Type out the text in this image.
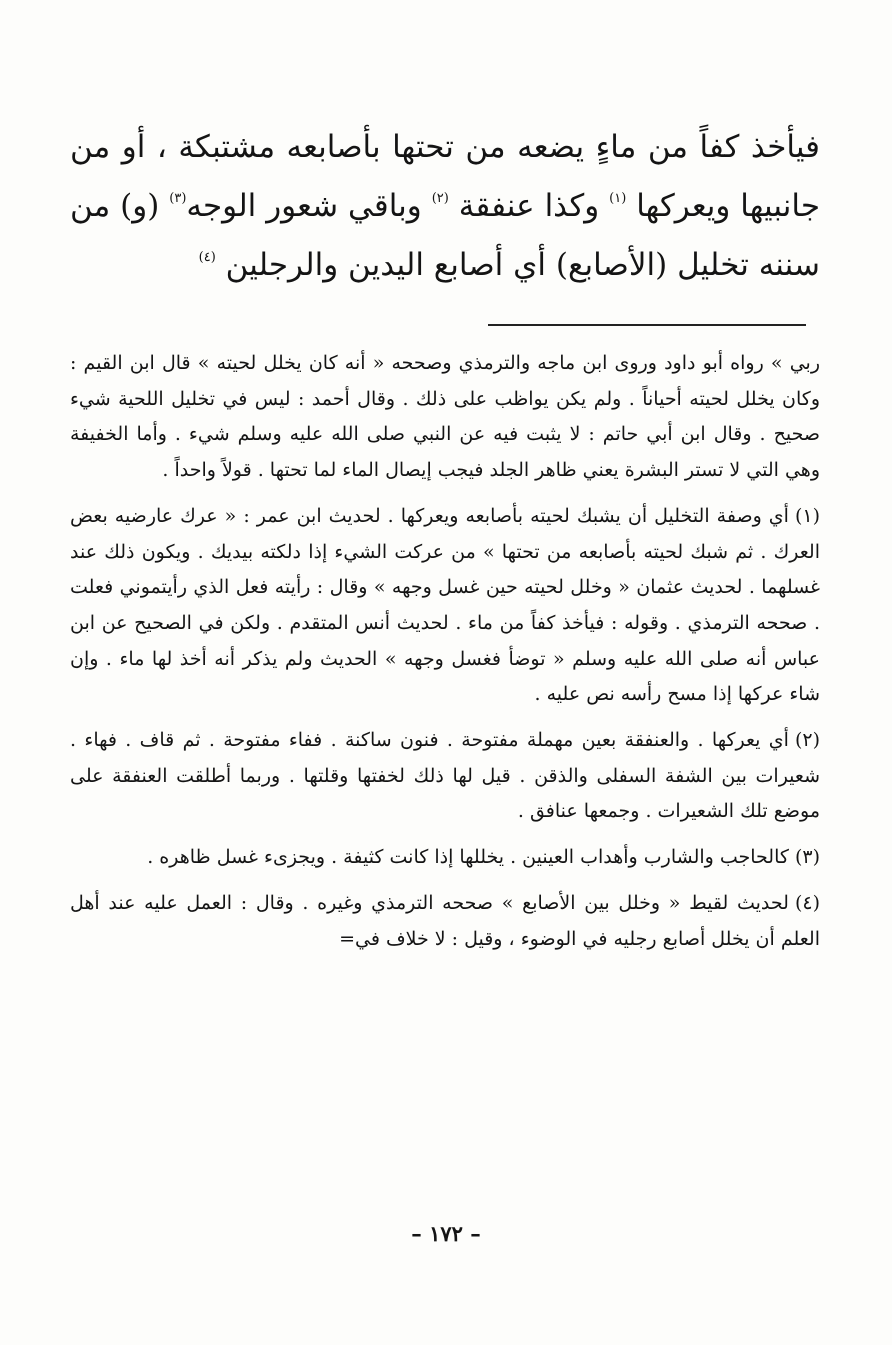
فيأخذ كفاً من ماءٍ يضعه من تحتها بأصابعه مشتبكة ، أو من جانبيها ويعركها $^{(١)}$ وكذا عنفقة $^{(٢)}$ وباقي شعور الوجه$^{(٣)}$ (و) من سننه تخليل (الأصابع) أي أصابع اليدين والرجلين $^{(٤)}$

ربي » رواه أبو داود وروى ابن ماجه والترمذي وصححه « أنه كان يخلل لحيته » قال ابن القيم : وكان يخلل لحيته أحياناً . ولم يكن يواظب على ذلك . وقال أحمد : ليس في تخليل اللحية شيء صحيح . وقال ابن أبي حاتم : لا يثبت فيه عن النبي صلى الله عليه وسلم شيء . وأما الخفيفة وهي التي لا تستر البشرة يعني ظاهر الجلد فيجب إيصال الماء لما تحتها . قولاً واحداً .

(١)أي وصفة التخليل أن يشبك لحيته بأصابعه ويعركها . لحديث ابن عمر : « عرك عارضيه بعض العرك . ثم شبك لحيته بأصابعه من تحتها » من عركت الشيء إذا دلكته بيديك . ويكون ذلك عند غسلهما . لحديث عثمان « وخلل لحيته حين غسل وجهه » وقال : رأيته فعل الذي رأيتموني فعلت . صححه الترمذي . وقوله : فيأخذ كفاً من ماء . لحديث أنس المتقدم . ولكن في الصحيح عن ابن عباس أنه صلى الله عليه وسلم « توضأ فغسل وجهه » الحديث ولم يذكر أنه أخذ لها ماء . وإن شاء عركها إذا مسح رأسه نص عليه .

(٢)أي يعركها . والعنفقة بعين مهملة مفتوحة . فنون ساكنة . ففاء مفتوحة . ثم قاف . فهاء . شعيرات بين الشفة السفلى والذقن . قيل لها ذلك لخفتها وقلتها . وربما أطلقت العنفقة على موضع تلك الشعيرات . وجمعها عنافق .

(٣)كالحاجب والشارب وأهداب العينين . يخللها إذا كانت كثيفة . ويجزىء غسل ظاهره .

(٤)لحديث لقيط « وخلل بين الأصابع » صححه الترمذي وغيره . وقال : العمل عليه عند أهل العلم أن يخلل أصابع رجليه في الوضوء ، وقيل : لا خلاف في=

– ١٧٢ –
